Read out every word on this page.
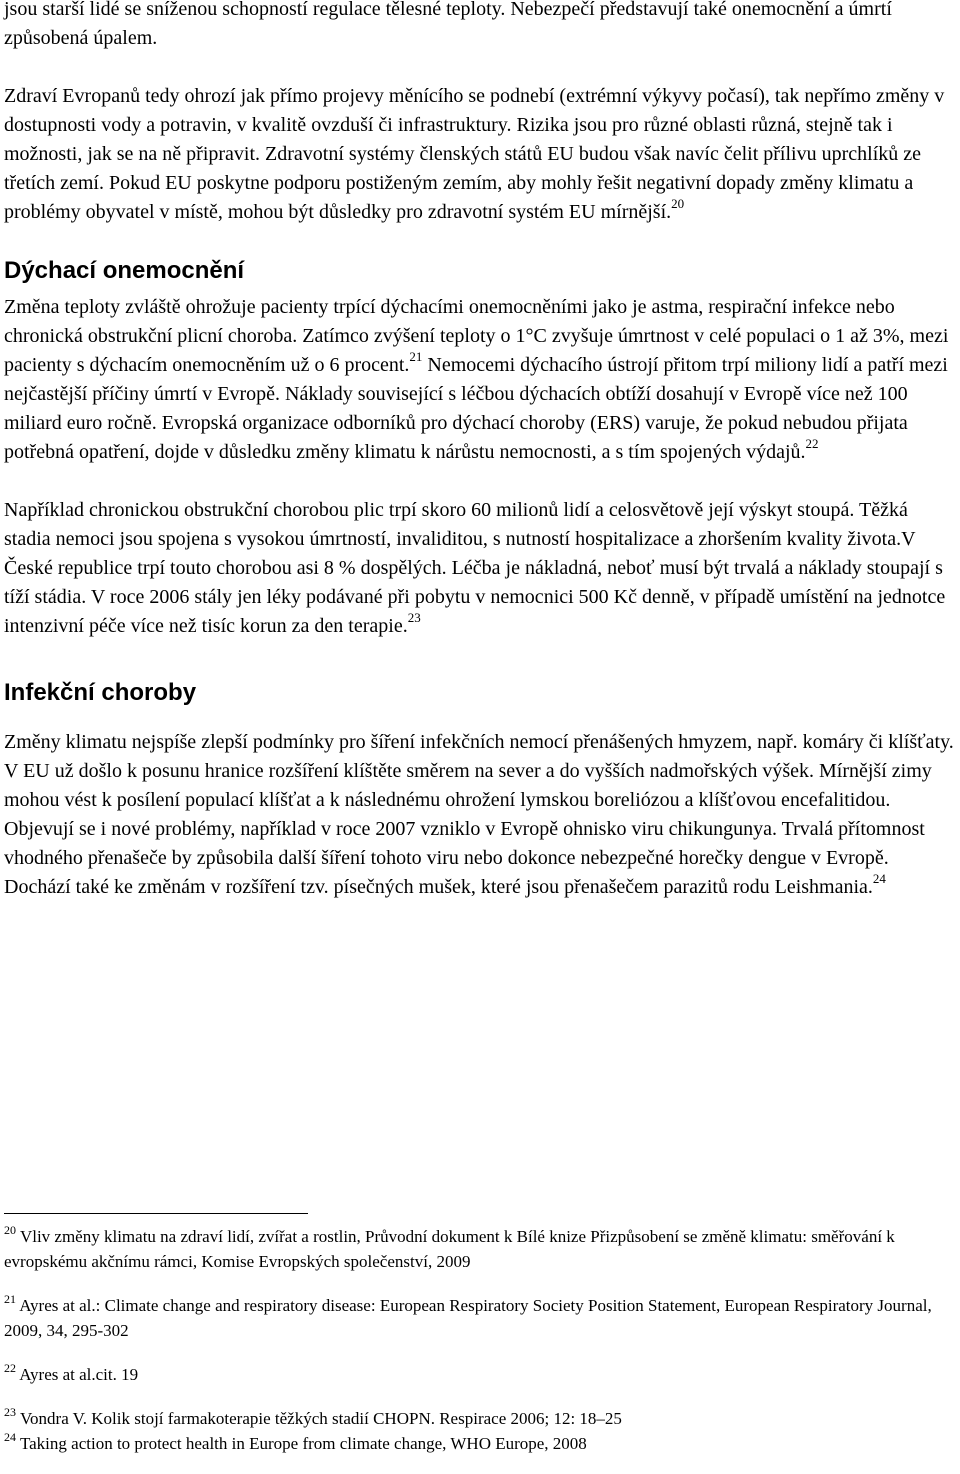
jsou starší lidé se sníženou schopností regulace tělesné teploty. Nebezpečí představují také onemocnění a úmrtí způsobená úpalem.

Zdraví Evropanů tedy ohrozí jak přímo projevy měnícího se podnebí (extrémní výkyvy počasí), tak nepřímo změny v dostupnosti vody a potravin, v kvalitě ovzduší či infrastruktury. Rizika jsou pro různé oblasti různá, stejně tak i možnosti, jak se na ně připravit. Zdravotní systémy členských států EU budou však navíc čelit přílivu uprchlíků ze třetích zemí. Pokud EU poskytne podporu postiženým zemím, aby mohly řešit negativní dopady změny klimatu a problémy obyvatel v místě, mohou být důsledky pro zdravotní systém EU mírnější.$^{20}$

Dýchací onemocnění

Změna teploty zvláště ohrožuje pacienty trpící dýchacími onemocněními jako je astma, respirační infekce nebo chronická obstrukční plicní choroba. Zatímco zvýšení teploty o 1°C zvyšuje úmrtnost v celé populaci o 1 až 3%, mezi pacienty s dýchacím onemocněním už o 6 procent.$^{21}$ Nemocemi dýchacího ústrojí přitom trpí miliony lidí a patří mezi nejčastější příčiny úmrtí v Evropě. Náklady související s léčbou dýchacích obtíží dosahují v Evropě více než 100 miliard euro ročně. Evropská organizace odborníků pro dýchací choroby (ERS) varuje, že pokud nebudou přijata potřebná opatření, dojde v důsledku změny klimatu k nárůstu nemocnosti, a s tím spojených výdajů.$^{22}$

Například chronickou obstrukční chorobou plic trpí skoro 60 milionů lidí a celosvětově její výskyt stoupá. Těžká stadia nemoci jsou spojena s vysokou úmrtností, invaliditou, s nutností hospitalizace a zhoršením kvality života.V České republice trpí touto chorobou asi 8 % dospělých. Léčba je nákladná, neboť musí být trvalá a náklady stoupají s tíží stádia. V roce 2006 stály jen léky podávané při pobytu v nemocnici 500 Kč denně, v případě umístění na jednotce intenzivní péče více než tisíc korun za den terapie.$^{23}$

Infekční choroby

Změny klimatu nejspíše zlepší podmínky pro šíření infekčních nemocí přenášených hmyzem, např. komáry či klíšťaty. V EU už došlo k posunu hranice rozšíření klíštěte směrem na sever a do vyšších nadmořských výšek. Mírnější zimy mohou vést k posílení populací klíšťat a k následnému ohrožení lymskou boreliózou a klíšťovou encefalitidou. Objevují se i nové problémy, například v roce 2007 vzniklo v Evropě ohnisko viru chikungunya. Trvalá přítomnost vhodného přenašeče by způsobila další šíření tohoto viru nebo dokonce nebezpečné horečky dengue v Evropě. Dochází také ke změnám v rozšíření tzv. písečných mušek, které jsou přenašečem parazitů rodu Leishmania.$^{24}$

$^{20}$ Vliv změny klimatu na zdraví lidí, zvířat a rostlin, Průvodní dokument k Bílé knize Přizpůsobení se změně klimatu: směřování k evropskému akčnímu rámci, Komise Evropských společenství, 2009

$^{21}$ Ayres at al.: Climate change and respiratory disease: European Respiratory Society Position Statement, European Respiratory Journal, 2009, 34, 295-302

$^{22}$ Ayres at al.cit. 19

$^{23}$ Vondra V. Kolik stojí farmakoterapie těžkých stadií CHOPN. Respirace 2006; 12: 18–25

$^{24}$ Taking action to protect health in Europe from climate change, WHO Europe, 2008
